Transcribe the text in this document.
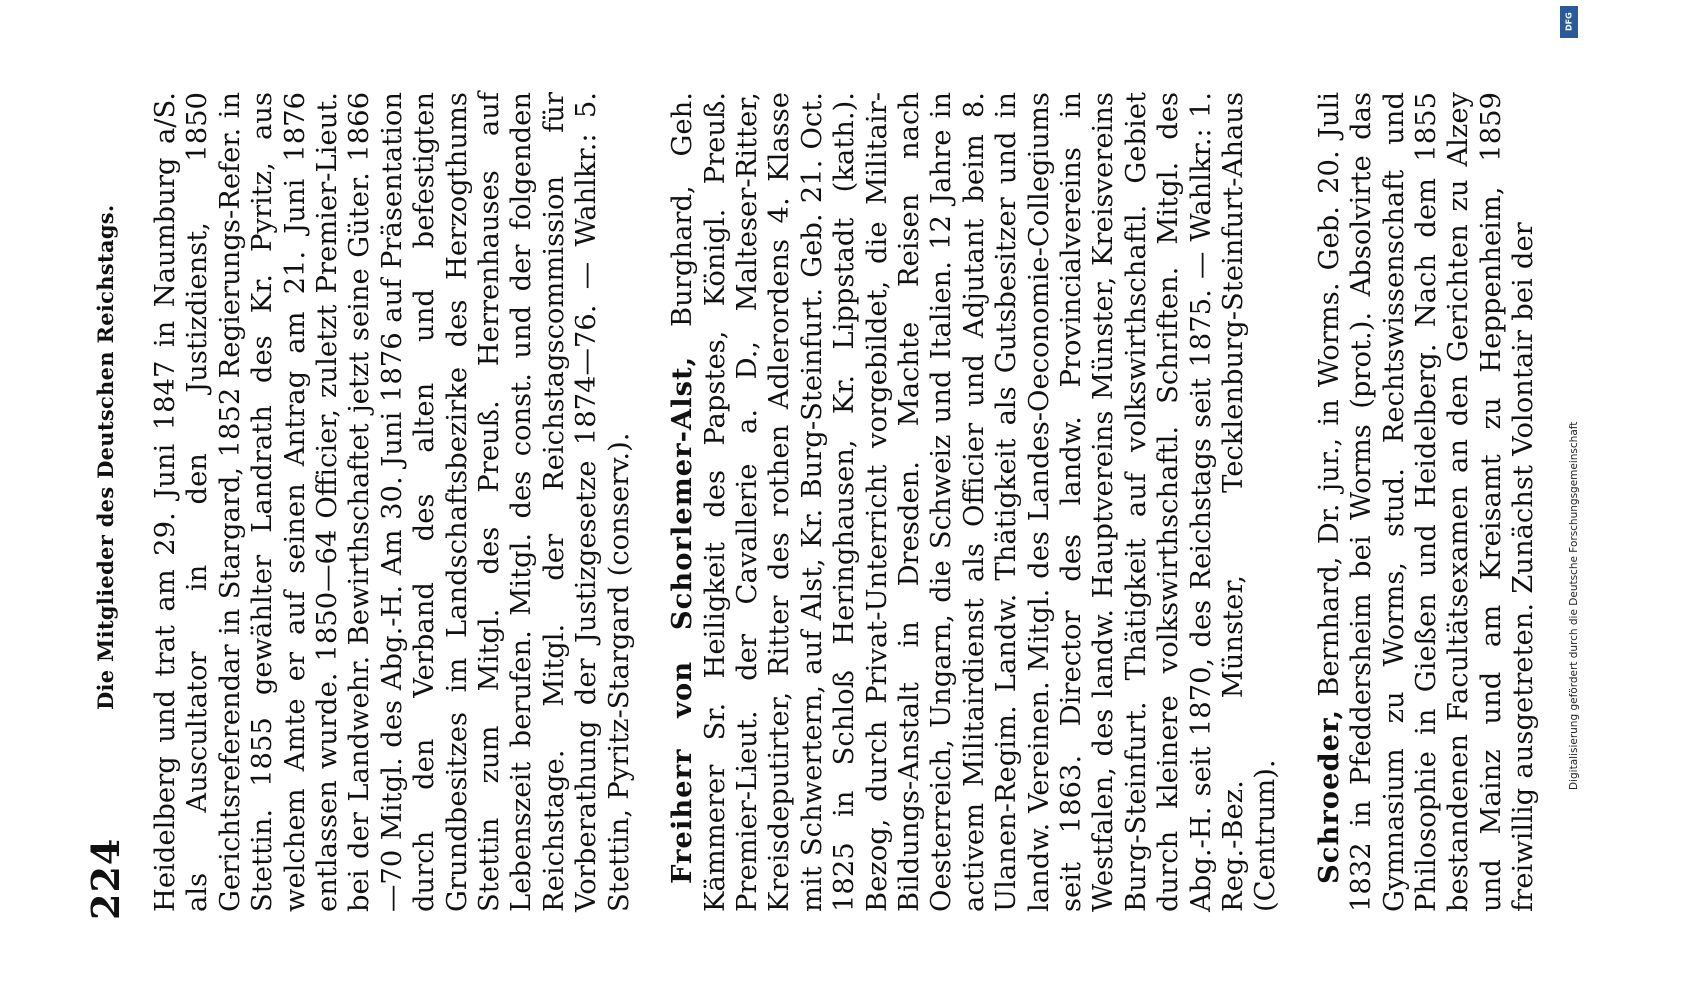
224
Die Mitglieder des Deutschen Reichstags. Heidelberg und trat am 29. Juni 1847 in Naumburg a/S. als Auscultator in den Justizdienst, 1850 Gerichtsreferendar in Stargard, 1852 Regierungs-Refer. in Stettin. 1855 gewählter Landrath des Kr. Pyritz, aus welchem Amte er auf seinen Antrag am 21. Juni 1876 entlassen wurde. 1850—64 Officier, zuletzt Premier-Lieut. bei der Landwehr. Bewirthschaftet jetzt seine Güter. 1866—70 Mitgl. des Abg.-H. Am 30. Juni 1876 auf Präsentation durch den Verband des alten und befestigten Grundbesitzes im Landschaftsbezirke des Herzogthums Stettin zum Mitgl. des Preuß. Herrenhauses auf Lebenszeit berufen. Mitgl. des const. und der folgenden Reichstage. Mitgl. der Reichstagscommission für Vorberathung der Justizgesetze 1874—76. — Wahlkr.: 5. Stettin, Pyritz-Stargard (conserv.). Freiherr von Schorlemer-Alst, Burghard, Geh. Kämmerer Sr. Heiligkeit des Papstes, Königl. Preuß. Premier-Lieut. der Cavallerie a. D., Malteser-Ritter, Kreisdeputirter, Ritter des rothen Adlerordens 4. Klasse mit Schwertern, auf Alst, Kr. Burg-Steinfurt. Geb. 21. Oct. 1825 in Schloß Heringhausen, Kr. Lippstadt (kath.). Bezog, durch Privat-Unterricht vorgebildet, die Militair-Bildungs-Anstalt in Dresden. Machte Reisen nach Oesterreich, Ungarn, die Schweiz und Italien. 12 Jahre in activem Militairdienst als Officier und Adjutant beim 8. Ulanen-Regim. Landw. Thätigkeit als Gutsbesitzer und in landw. Vereinen. Mitgl. des Landes-Oeconomie-Collegiums seit 1863. Director des landw. Provincialvereins in Westfalen, des landw. Hauptvereins Münster, Kreisvereins Burg-Steinfurt. Thätigkeit auf volkswirthschaftl. Gebiet durch kleinere volkswirthschaftl. Schriften. Mitgl. des Abg.-H. seit 1870, des Reichstags seit 1875. — Wahlkr.: 1. Reg.-Bez. Münster, Tecklenburg-Steinfurt-Ahaus (Centrum). Schroeder, Bernhard, Dr. jur., in Worms. Geb. 20. Juli 1832 in Pfeddersheim bei Worms (prot.). Absolvirte das Gymnasium zu Worms, stud. Rechtswissenschaft und Philosophie in Gießen und Heidelberg. Nach dem 1855 bestandenen Facultätsexamen an den Gerichten zu Alzey und Mainz und am Kreisamt zu Heppenheim, 1859 freiwillig ausgetreten. Zunächst Volontair bei der	Digitalisierung gefördert durch die Deutsche Forschungsgemeinschaft
DFG
